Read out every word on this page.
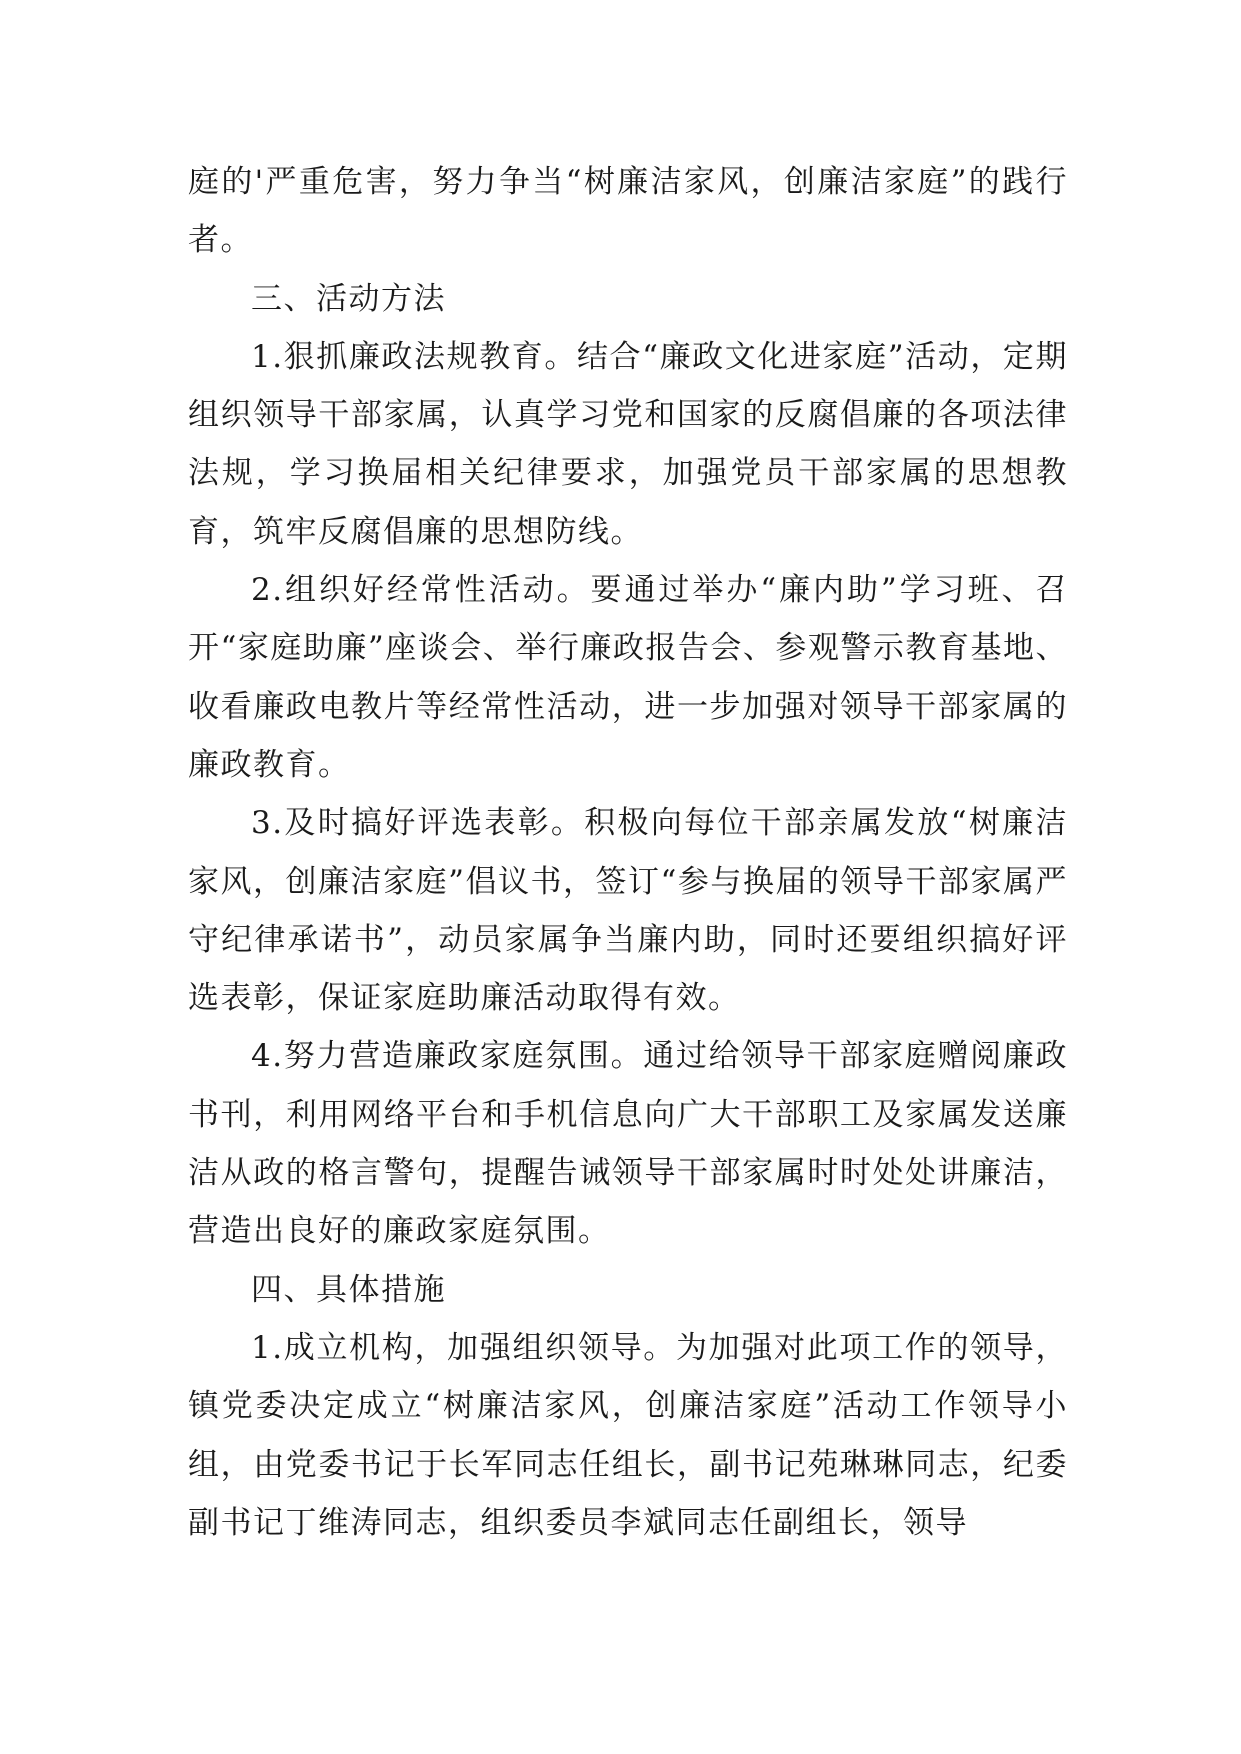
庭的'严重危害，努力争当“树廉洁家风，创廉洁家庭”的践行者。

三、活动方法

1.狠抓廉政法规教育。结合“廉政文化进家庭”活动，定期组织领导干部家属，认真学习党和国家的反腐倡廉的各项法律法规，学习换届相关纪律要求，加强党员干部家属的思想教育，筑牢反腐倡廉的思想防线。

2.组织好经常性活动。要通过举办“廉内助”学习班、召开“家庭助廉”座谈会、举行廉政报告会、参观警示教育基地、收看廉政电教片等经常性活动，进一步加强对领导干部家属的廉政教育。

3.及时搞好评选表彰。积极向每位干部亲属发放“树廉洁家风，创廉洁家庭”倡议书，签订“参与换届的领导干部家属严守纪律承诺书”，动员家属争当廉内助，同时还要组织搞好评选表彰，保证家庭助廉活动取得有效。

4.努力营造廉政家庭氛围。通过给领导干部家庭赠阅廉政书刊，利用网络平台和手机信息向广大干部职工及家属发送廉洁从政的格言警句，提醒告诫领导干部家属时时处处讲廉洁，营造出良好的廉政家庭氛围。

四、具体措施

1.成立机构，加强组织领导。为加强对此项工作的领导，镇党委决定成立“树廉洁家风，创廉洁家庭”活动工作领导小组，由党委书记于长军同志任组长，副书记苑琳琳同志，纪委副书记丁维涛同志，组织委员李斌同志任副组长，领导
